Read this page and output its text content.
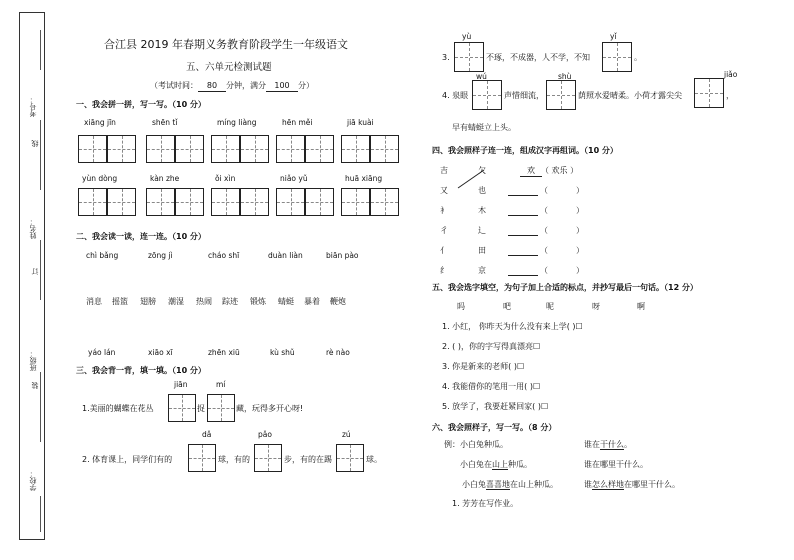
考号：
线
姓名：
订
班级：
装
学校：
合江县 2019 年春期义务教育阶段学生一年级语文
五、六单元检测试题
（考试时间： 80 分钟，满分 100 分）
一、我会拼一拼，写一写。（10 分）
二、我会读一读，连一连。（10 分）
三、我会背一背，填一填。（10 分）
jiān	mí
1.美丽的蝴蝶在花丛	捉	藏，玩得多开心呀!
dǎ	pǎo	zú
2. 体育课上，同学们有的	球，有的	步，有的在踢	球。
yù	yǐ
3.	不琢，不成器，人不学，不知	。
wú	shù	jiǎo
4. 泉眼	声惜细流，	荫照水爱晴柔。小荷才露尖尖	，
早有蜻蜓立上头。
四、我会照样子连一连，组成汉字再组词。（10 分）
五、我会选字填空，为句子加上合适的标点，并抄写最后一句话。（12 分）
六、我会照样子，写一写。（8 分）
例： 小白兔种瓜。	谁在干什么。
小白兔在山上种瓜。	谁在哪里干什么。
小白兔喜喜地在山上种瓜。	谁怎么样地在哪里干什么。
1. 芳芳在写作业。
xiāng jīn	shēn tǐ	míng liàng	hēn měi	jiā kuài
yùn dòng	kàn zhe	ǒi xìn	niǎo yǔ	huā xiāng
chì bǎng	zōng jì	cháo shī	duàn liàn	biān pào
消息 摇篮 翅膀 潮湿 热闹 踪迹 锻炼 蜻蜓 暴着 鞭炮
yáo lán	xiāo xī	zhēn xiū	kù shǔ	rè nào
吉	欠	欢 （ 欢乐 ）
又	也	（	）
衤	木	（	）
彳	辶	（	）
亻	田	（	）
纟	京	（	）
吗	吧	呢	呀	啊
1. 小红， 你昨天为什么没有来上学( )☐
2. ( )，你的字写得真漂亮☐
3. 你是新来的老师( )☐
4. 我能借你的笔用一用( )☐
5. 放学了，我要赶紧回家( )☐
